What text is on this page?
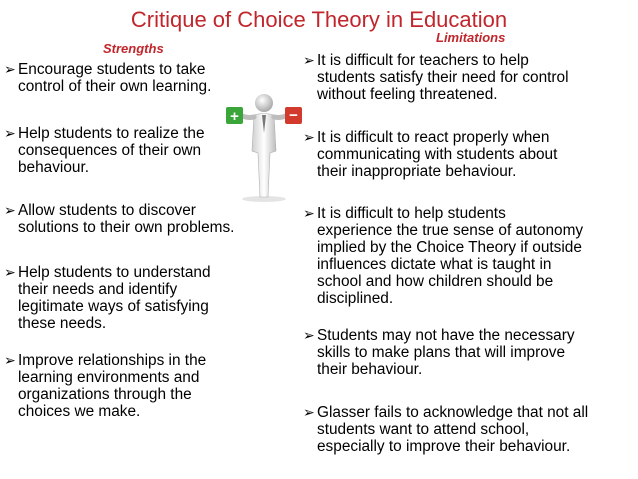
Critique of Choice Theory in Education
Strengths
Limitations
➢ Encourage students to take
control of their own learning.
➢ Help students to realize the
consequences of their own
behaviour.
➢ Allow students to discover
solutions to their own problems.
➢ Help students to understand
their needs and identify
legitimate ways of satisfying
these needs.
➢ Improve relationships in the
learning environments and
organizations through the
choices we make.
➢ It is difficult for teachers to help
students satisfy their need for control
without feeling threatened.
➢ It is difficult to react properly when
communicating with students about
their inappropriate behaviour.
➢ It is difficult to help students
experience the true sense of autonomy
implied by the Choice Theory if outside
influences dictate what is taught in
school and how children should be
disciplined.
➢ Students may not have the necessary
skills to make plans that will improve
their behaviour.
➢ Glasser fails to acknowledge that not all
students want to attend school,
especially to improve their behaviour.
+	−
